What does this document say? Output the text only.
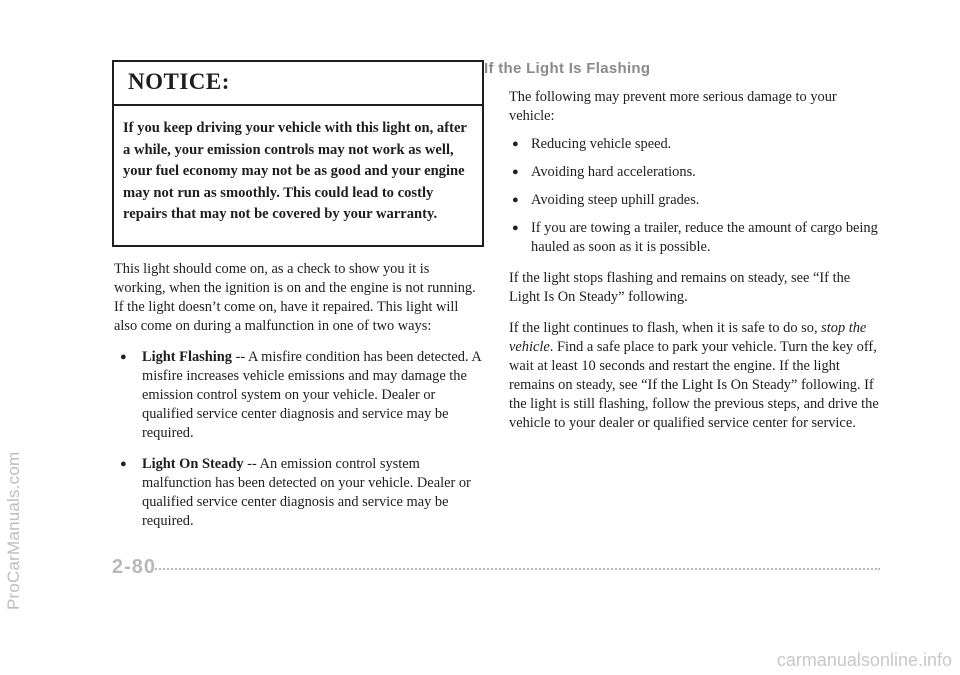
ProCarManuals.com
NOTICE:
If you keep driving your vehicle with this light on, after a while, your emission controls may not work as well, your fuel economy may not be as good and your engine may not run as smoothly. This could lead to costly repairs that may not be covered by your warranty.

This light should come on, as a check to show you it is working, when the ignition is on and the engine is not running. If the light doesn’t come on, have it repaired. This light will also come on during a malfunction in one of two ways:

● Light Flashing -- A misfire condition has been detected. A misfire increases vehicle emissions and may damage the emission control system on your vehicle. Dealer or qualified service center diagnosis and service may be required.
● Light On Steady -- An emission control system malfunction has been detected on your vehicle. Dealer or qualified service center diagnosis and service may be required.
If the Light Is Flashing

The following may prevent more serious damage to your vehicle:

● Reducing vehicle speed.
● Avoiding hard accelerations.
● Avoiding steep uphill grades.
● If you are towing a trailer, reduce the amount of cargo being hauled as soon as it is possible.

If the light stops flashing and remains on steady, see “If the Light Is On Steady” following.

If the light continues to flash, when it is safe to do so, stop the vehicle. Find a safe place to park your vehicle. Turn the key off, wait at least 10 seconds and restart the engine. If the light remains on steady, see “If the Light Is On Steady” following. If the light is still flashing, follow the previous steps, and drive the vehicle to your dealer or qualified service center for service.

2-80
carmanualsonline.info
